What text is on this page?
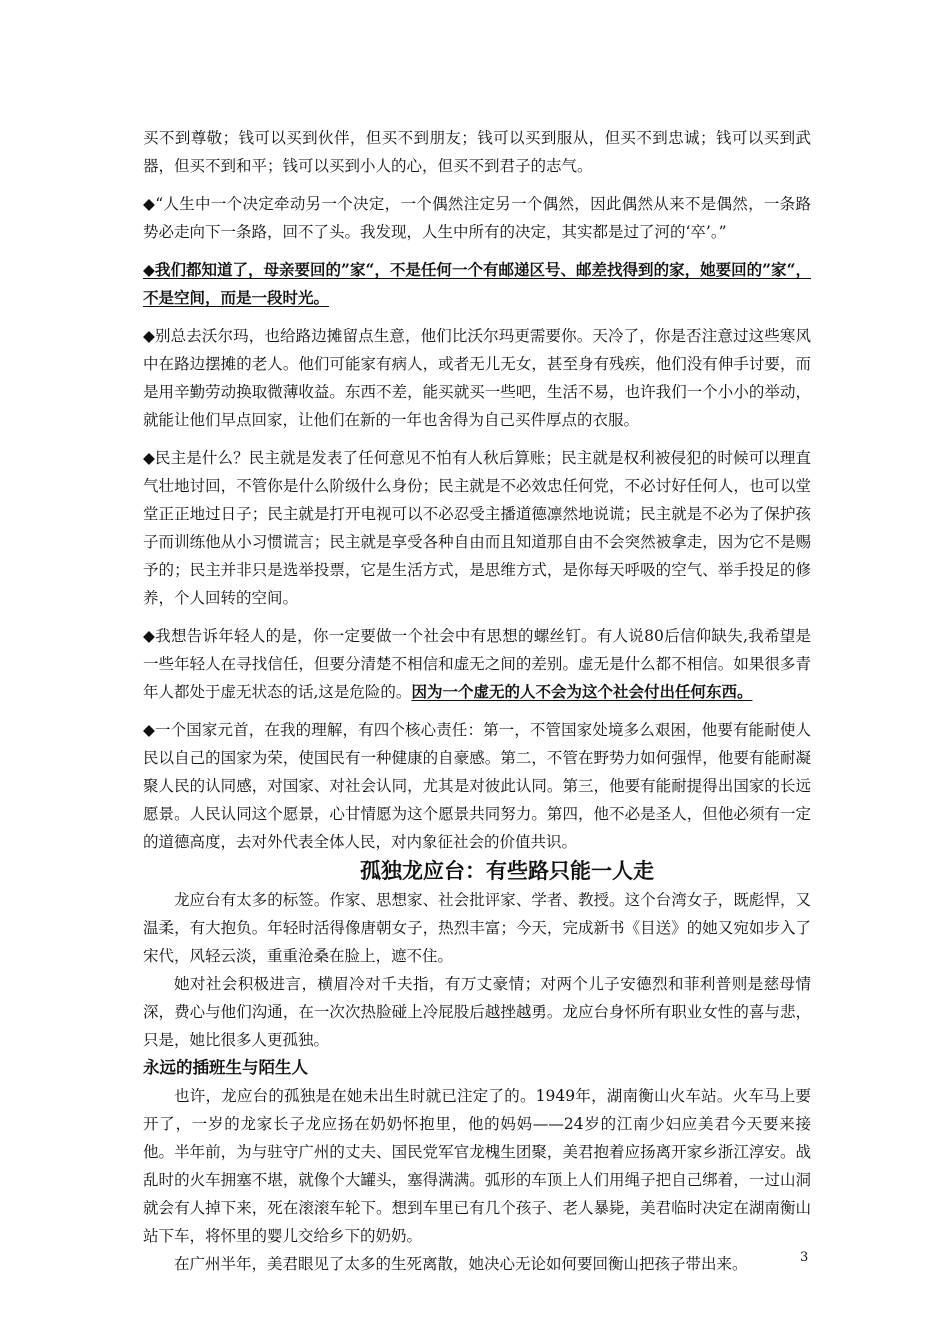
买不到尊敬；钱可以买到伙伴，但买不到朋友；钱可以买到服从，但买不到忠诚；钱可以买到武器，但买不到和平；钱可以买到小人的心，但买不到君子的志气。

◆“人生中一个决定牵动另一个决定，一个偶然注定另一个偶然，因此偶然从来不是偶然，一条路势必走向下一条路，回不了头。我发现，人生中所有的决定，其实都是过了河的‘卒’。”

◆我们都知道了，母亲要回的”家“，不是任何一个有邮递区号、邮差找得到的家，她要回的”家“，不是空间，而是一段时光。

◆别总去沃尔玛，也给路边摊留点生意，他们比沃尔玛更需要你。天冷了，你是否注意过这些寒风中在路边摆摊的老人。他们可能家有病人，或者无儿无女，甚至身有残疾，他们没有伸手讨要，而是用辛勤劳动换取微薄收益。东西不差，能买就买一些吧，生活不易，也许我们一个小小的举动，就能让他们早点回家，让他们在新的一年也舍得为自己买件厚点的衣服。

◆民主是什么？民主就是发表了任何意见不怕有人秋后算账；民主就是权利被侵犯的时候可以理直气壮地讨回，不管你是什么阶级什么身份；民主就是不必效忠任何党，不必讨好任何人，也可以堂堂正正地过日子；民主就是打开电视可以不必忍受主播道德凛然地说谎；民主就是不必为了保护孩子而训练他从小习惯谎言；民主就是享受各种自由而且知道那自由不会突然被拿走，因为它不是赐予的；民主并非只是选举投票，它是生活方式，是思维方式，是你每天呼吸的空气、举手投足的修养，个人回转的空间。

◆我想告诉年轻人的是，你一定要做一个社会中有思想的螺丝钉。有人说80后信仰缺失,我希望是一些年轻人在寻找信任，但要分清楚不相信和虚无之间的差别。虚无是什么都不相信。如果很多青年人都处于虚无状态的话,这是危险的。因为一个虚无的人不会为这个社会付出任何东西。

◆一个国家元首，在我的理解，有四个核心责任：第一，不管国家处境多么艰困，他要有能耐使人民以自己的国家为荣，使国民有一种健康的自豪感。第二，不管在野势力如何强悍，他要有能耐凝聚人民的认同感，对国家、对社会认同，尤其是对彼此认同。第三，他要有能耐提得出国家的长远愿景。人民认同这个愿景，心甘情愿为这个愿景共同努力。第四，他不必是圣人，但他必须有一定的道德高度，去对外代表全体人民，对内象征社会的价值共识。

孤独龙应台：有些路只能一人走

龙应台有太多的标签。作家、思想家、社会批评家、学者、教授。这个台湾女子，既彪悍，又温柔，有大抱负。年轻时活得像唐朝女子，热烈丰富；今天，完成新书《目送》的她又宛如步入了宋代，风轻云淡，重重沧桑在脸上，遮不住。

她对社会积极进言，横眉冷对千夫指，有万丈豪情；对两个儿子安德烈和菲利普则是慈母情深，费心与他们沟通，在一次次热脸碰上冷屁股后越挫越勇。龙应台身怀所有职业女性的喜与悲，只是，她比很多人更孤独。

永远的插班生与陌生人

也许，龙应台的孤独是在她未出生时就已注定了的。1949年，湖南衡山火车站。火车马上要开了，一岁的龙家长子龙应扬在奶奶怀抱里，他的妈妈——24岁的江南少妇应美君今天要来接他。半年前，为与驻守广州的丈夫、国民党军官龙槐生团聚，美君抱着应扬离开家乡浙江淳安。战乱时的火车拥塞不堪，就像个大罐头，塞得满满。弧形的车顶上人们用绳子把自己绑着，一过山洞就会有人掉下来，死在滚滚车轮下。想到车里已有几个孩子、老人暴毙，美君临时决定在湖南衡山站下车，将怀里的婴儿交给乡下的奶奶。

在广州半年，美君眼见了太多的生死离散，她决心无论如何要回衡山把孩子带出来。	3
